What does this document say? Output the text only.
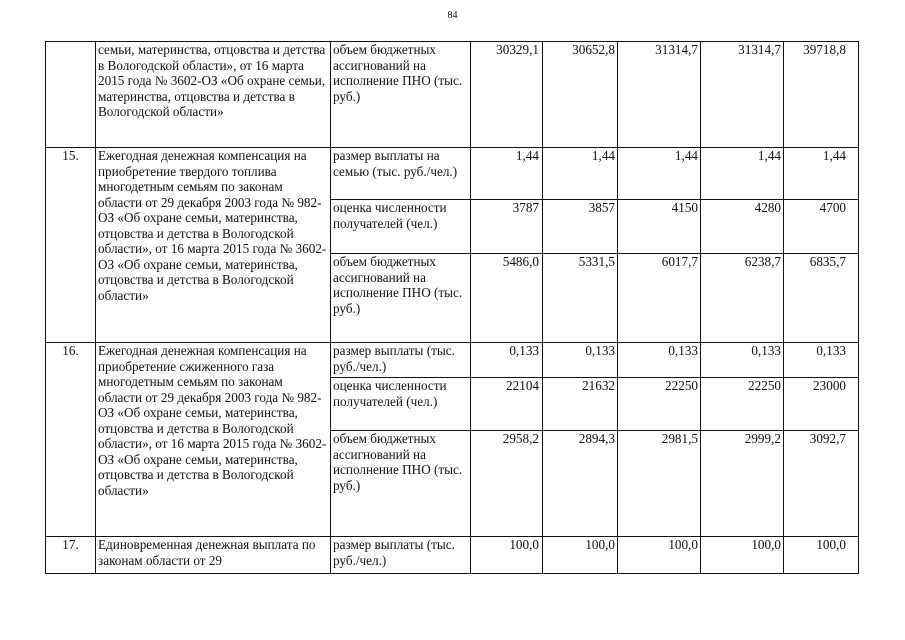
84
	семьи, материнства, отцовства и детства в Вологодской области», от 16 марта 2015 года № 3602-ОЗ «Об охране семьи, материнства, отцовства и детства в Вологодской области»	объем бюджетных ассигнований на исполнение ПНО (тыс. руб.)	30329,1	30652,8	31314,7	31314,7	39718,8
15.	Ежегодная денежная компенсация на приобретение твердого топлива многодетным семьям по законам области от 29 декабря 2003 года № 982-ОЗ «Об охране семьи, материнства, отцовства и детства в Вологодской области», от 16 марта 2015 года № 3602-ОЗ «Об охране семьи, материнства, отцовства и детства в Вологодской области»	размер выплаты на семью (тыс. руб./чел.)	1,44	1,44	1,44	1,44	1,44
		оценка численности получателей (чел.)	3787	3857	4150	4280	4700
		объем бюджетных ассигнований на исполнение ПНО (тыс. руб.)	5486,0	5331,5	6017,7	6238,7	6835,7
16.	Ежегодная денежная компенсация на приобретение сжиженного газа многодетным семьям по законам области от 29 декабря 2003 года № 982-ОЗ «Об охране семьи, материнства, отцовства и детства в Вологодской области», от 16 марта 2015 года № 3602-ОЗ «Об охране семьи, материнства, отцовства и детства в Вологодской области»	размер выплаты (тыс. руб./чел.)	0,133	0,133	0,133	0,133	0,133
		оценка численности получателей (чел.)	22104	21632	22250	22250	23000
		объем бюджетных ассигнований на исполнение ПНО (тыс. руб.)	2958,2	2894,3	2981,5	2999,2	3092,7
17.	Единовременная денежная выплата по законам области от 29	размер выплаты (тыс. руб./чел.)	100,0	100,0	100,0	100,0	100,0
